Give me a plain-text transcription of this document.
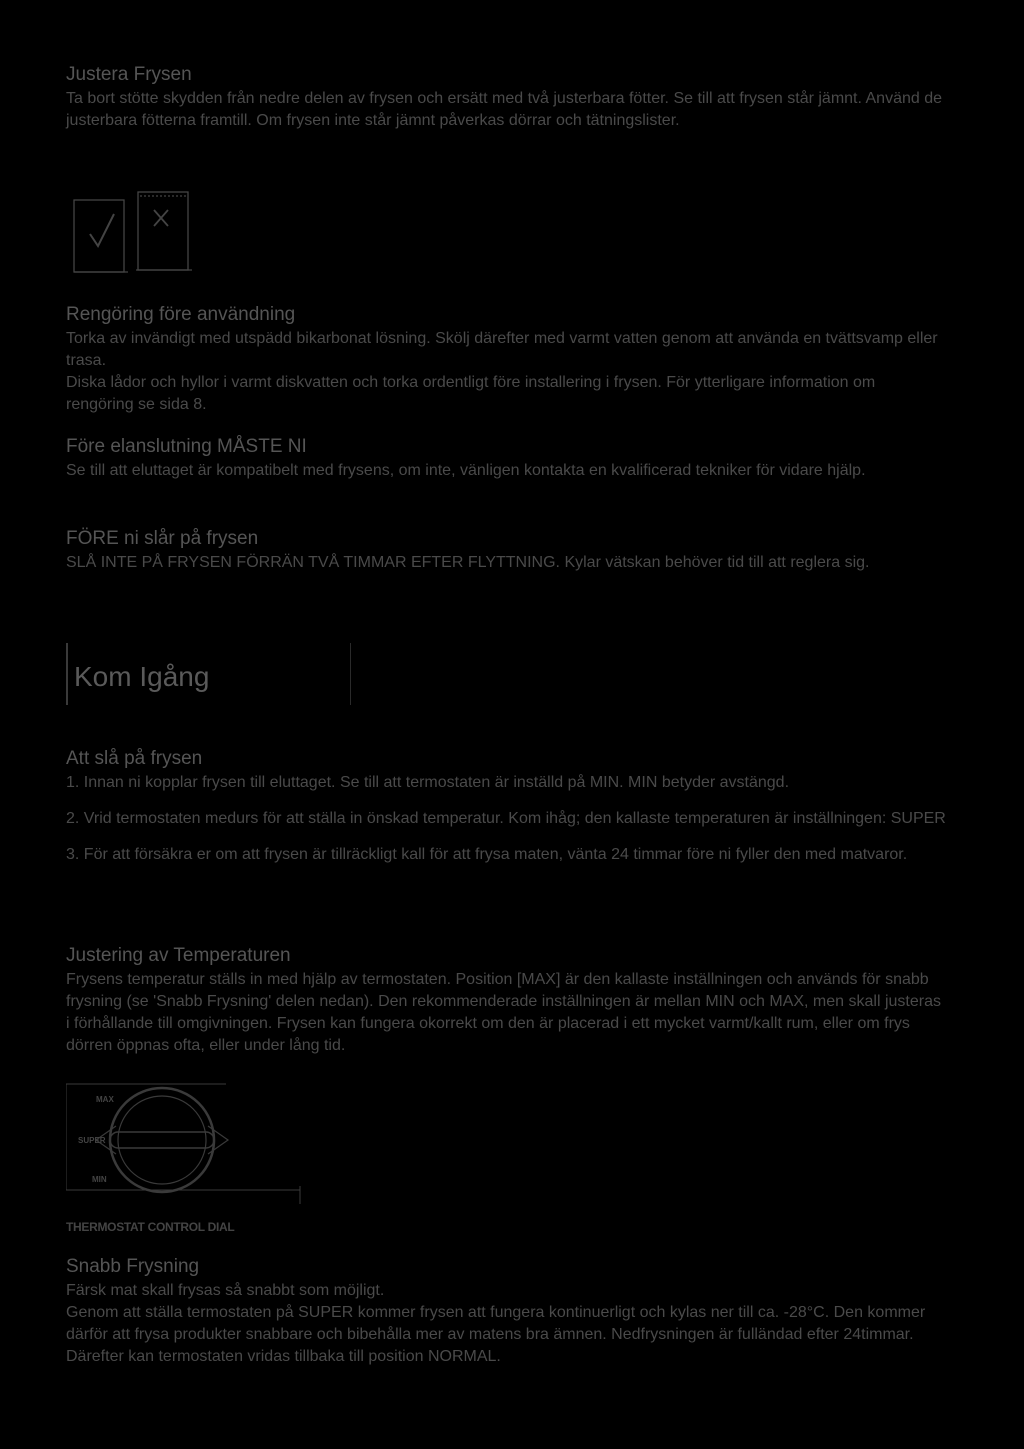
Justera Frysen

Ta bort stötte skydden från nedre delen av frysen och ersätt med två justerbara fötter. Se till att frysen står jämnt. Använd de justerbara fötterna framtill. Om frysen inte står jämnt påverkas dörrar och tätningslister.

Rengöring före användning

Torka av invändigt med utspädd bikarbonat lösning. Skölj därefter med varmt vatten genom att använda en tvättsvamp eller trasa.

Diska lådor och hyllor i varmt diskvatten och torka ordentligt före installering i frysen. För ytterligare information om rengöring se sida 8.

Före elanslutning MÅSTE NI

Se till att eluttaget är kompatibelt med frysens, om inte, vänligen kontakta en kvalificerad tekniker för vidare hjälp.

FÖRE ni slår på frysen

SLÅ INTE PÅ FRYSEN FÖRRÄN TVÅ TIMMAR EFTER FLYTTNING. Kylar vätskan behöver tid till att reglera sig.

Kom Igång
Att slå på frysen

1. Innan ni kopplar frysen till eluttaget. Se till att termostaten är inställd på MIN. MIN betyder avstängd.

2. Vrid termostaten medurs för att ställa in önskad temperatur. Kom ihåg; den kallaste temperaturen är inställningen: SUPER

3. För att försäkra er om att frysen är tillräckligt kall för att frysa maten, vänta 24 timmar före ni fyller den med matvaror.

Justering av Temperaturen

Frysens temperatur ställs in med hjälp av termostaten. Position [MAX] är den kallaste inställningen och används för snabb frysning (se 'Snabb Frysning' delen nedan). Den rekommenderade inställningen är mellan MIN och MAX, men skall justeras i förhållande till omgivningen. Frysen kan fungera okorrekt om den är placerad i ett mycket varmt/kallt rum, eller om frys dörren öppnas ofta, eller under lång tid.

MAX
SUPER
MIN
THERMOSTAT CONTROL DIAL
Snabb Frysning

Färsk mat skall frysas så snabbt som möjligt.

Genom att ställa termostaten på SUPER kommer frysen att fungera kontinuerligt och kylas ner till ca. -28°C. Den kommer därför att frysa produkter snabbare och bibehålla mer av matens bra ämnen. Nedfrysningen är fulländad efter 24timmar. Därefter kan termostaten vridas tillbaka till position NORMAL.
